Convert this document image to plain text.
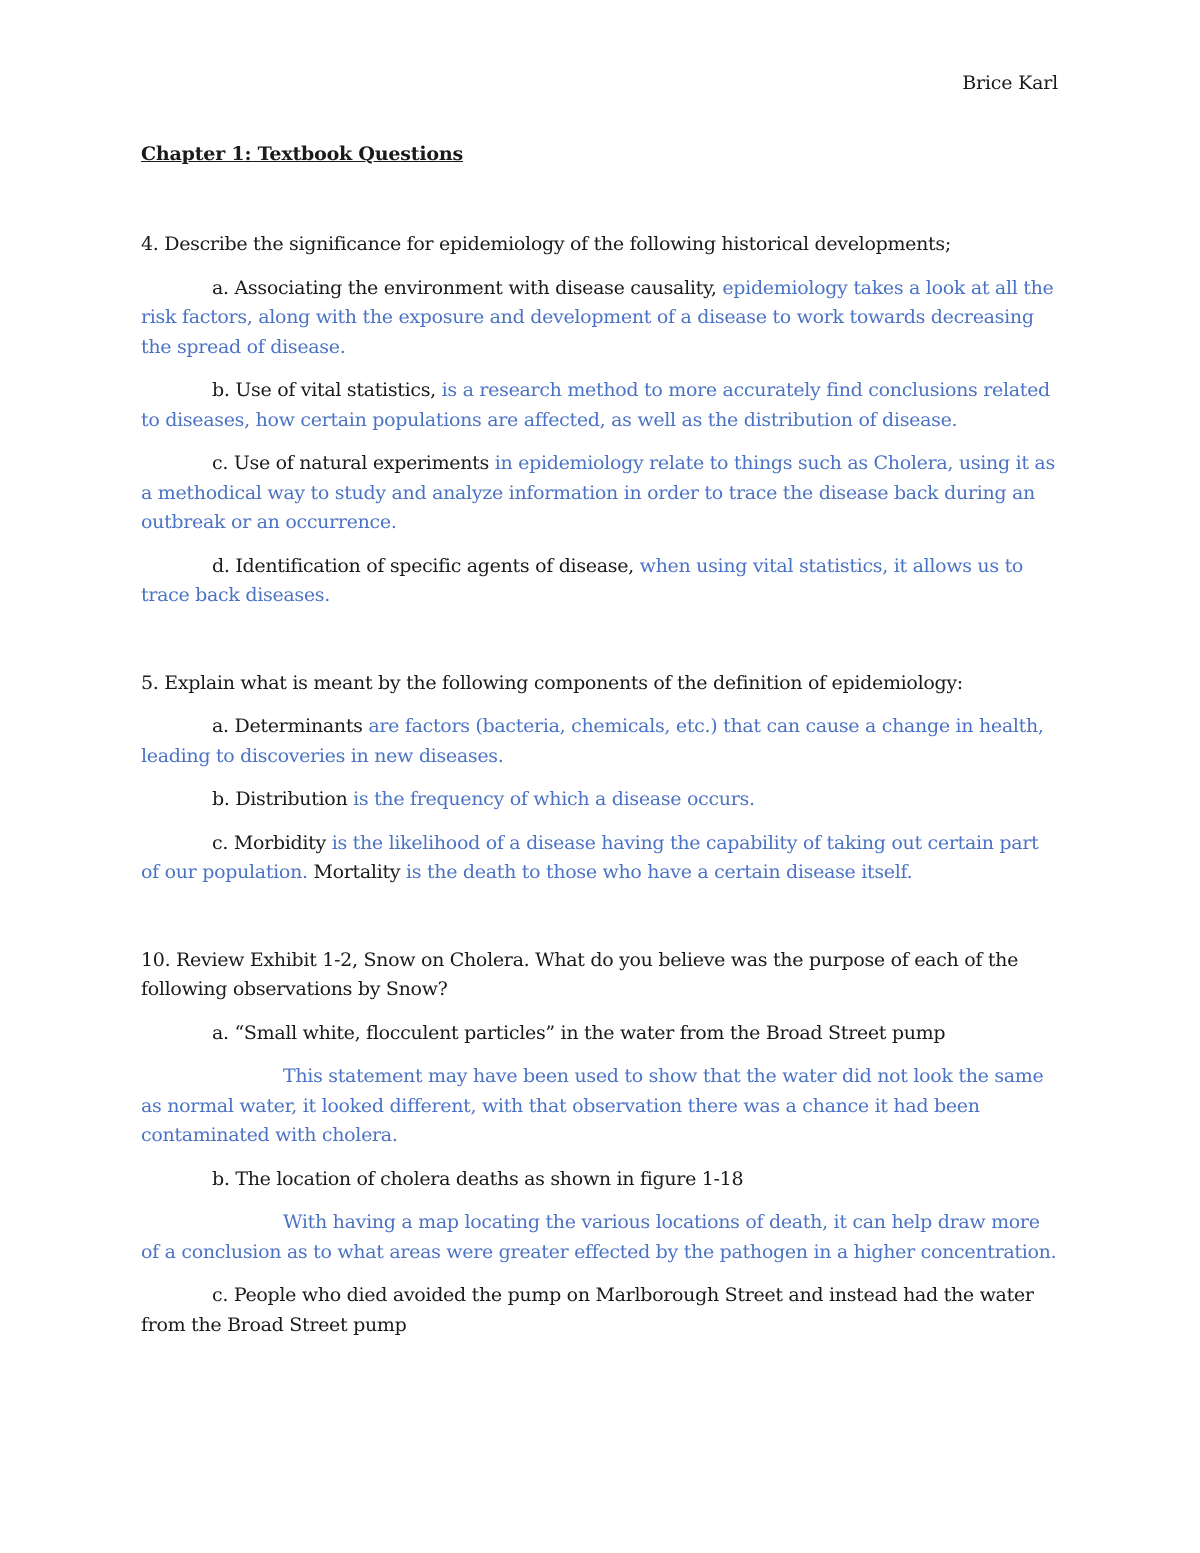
Brice Karl
Chapter 1: Textbook Questions

4. Describe the significance for epidemiology of the following historical developments;

a. Associating the environment with disease causality, epidemiology takes a look at all the risk factors, along with the exposure and development of a disease to work towards decreasing the spread of disease.

b. Use of vital statistics, is a research method to more accurately find conclusions related to diseases, how certain populations are affected, as well as the distribution of disease.

c. Use of natural experiments in epidemiology relate to things such as Cholera, using it as a methodical way to study and analyze information in order to trace the disease back during an outbreak or an occurrence.

d. Identification of specific agents of disease, when using vital statistics, it allows us to trace back diseases.

5. Explain what is meant by the following components of the definition of epidemiology:

a. Determinants are factors (bacteria, chemicals, etc.) that can cause a change in health, leading to discoveries in new diseases.

b. Distribution is the frequency of which a disease occurs.

c. Morbidity is the likelihood of a disease having the capability of taking out certain part of our population. Mortality is the death to those who have a certain disease itself.

10. Review Exhibit 1-2, Snow on Cholera. What do you believe was the purpose of each of the following observations by Snow?

a. “Small white, flocculent particles” in the water from the Broad Street pump

This statement may have been used to show that the water did not look the same as normal water, it looked different, with that observation there was a chance it had been contaminated with cholera.

b. The location of cholera deaths as shown in figure 1-18

With having a map locating the various locations of death, it can help draw more of a conclusion as to what areas were greater effected by the pathogen in a higher concentration.

c. People who died avoided the pump on Marlborough Street and instead had the water from the Broad Street pump
